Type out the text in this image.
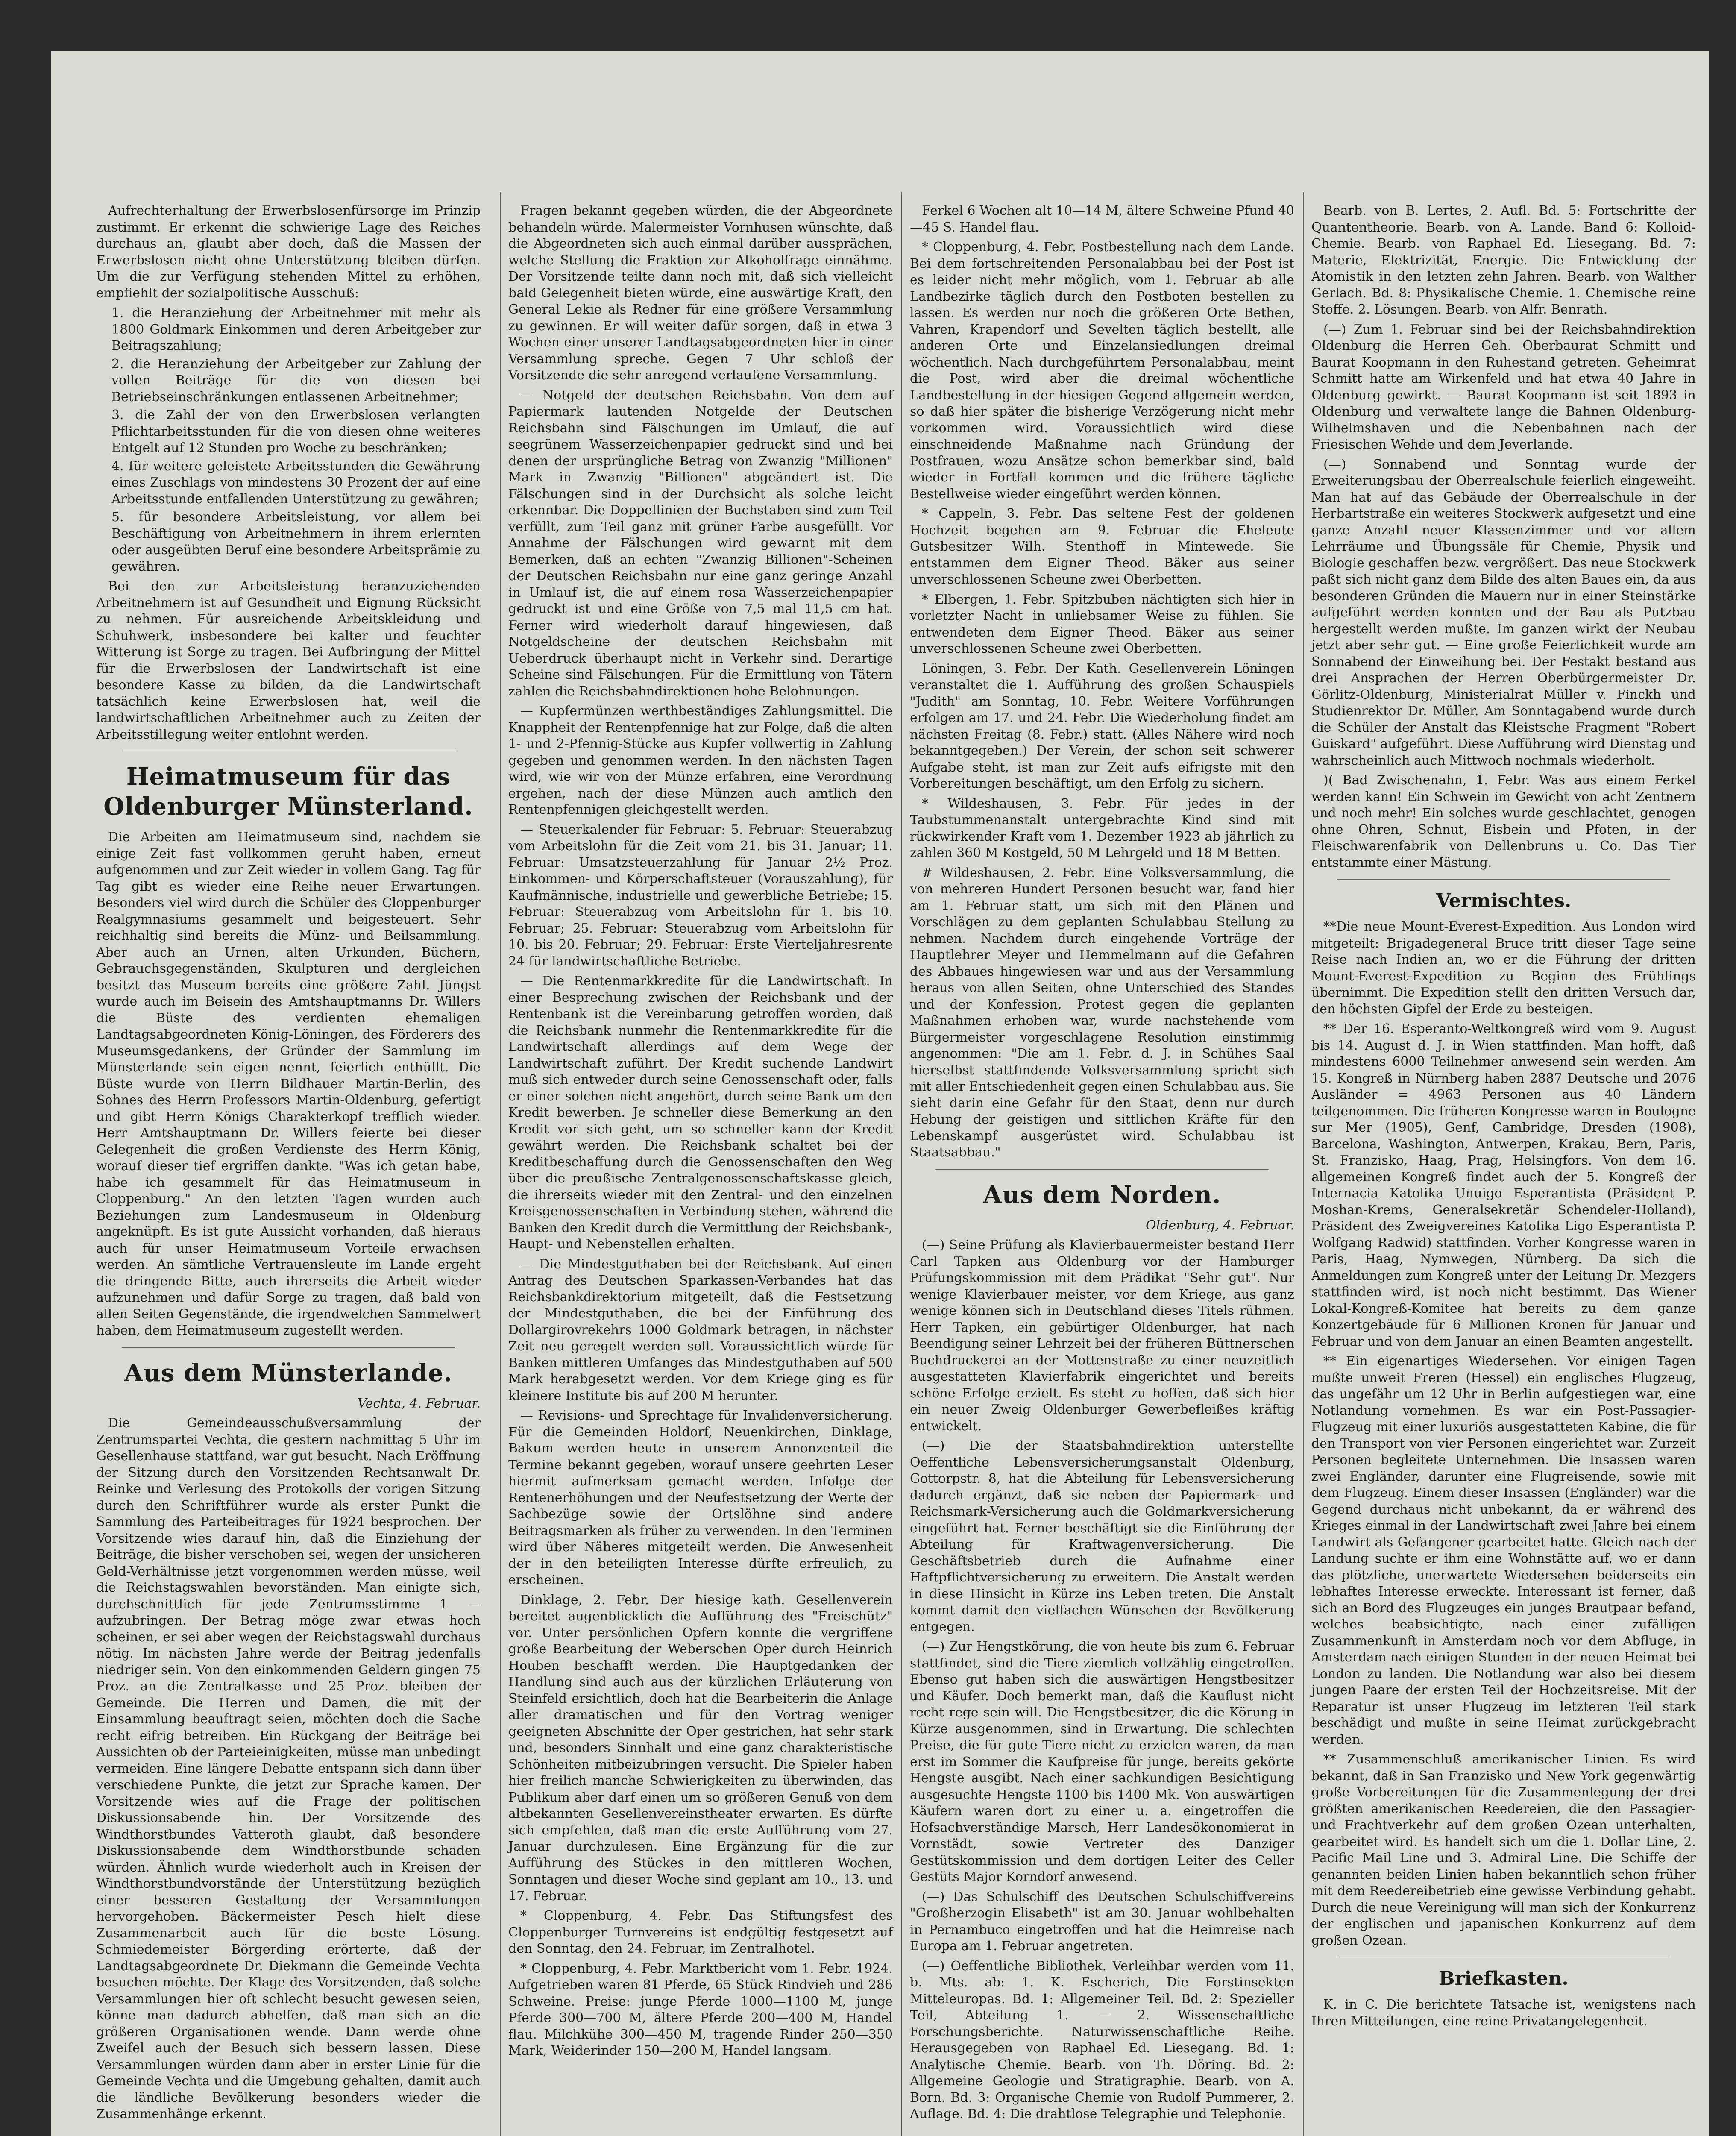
Aufrechterhaltung der Erwerbslosenfürsorge im Prinzip zustimmt. Er erkennt die schwierige Lage des Reiches durchaus an, glaubt aber doch, daß die Massen der Erwerbslosen nicht ohne Unterstützung bleiben dürfen. Um die zur Verfügung stehenden Mittel zu erhöhen, empfiehlt der sozialpolitische Ausschuß:

1. die Heranziehung der Arbeitnehmer mit mehr als 1800 Goldmark Einkommen und deren Arbeitgeber zur Beitragszahlung;
2. die Heranziehung der Arbeitgeber zur Zahlung der vollen Beiträge für die von diesen bei Betriebseinschränkungen entlassenen Arbeitnehmer;
3. die Zahl der von den Erwerbslosen verlangten Pflichtarbeitsstunden für die von diesen ohne weiteres Entgelt auf 12 Stunden pro Woche zu beschränken;
4. für weitere geleistete Arbeitsstunden die Gewährung eines Zuschlags von mindestens 30 Prozent der auf eine Arbeitsstunde entfallenden Unterstützung zu gewähren;
5. für besondere Arbeitsleistung, vor allem bei Beschäftigung von Arbeitnehmern in ihrem erlernten oder ausgeübten Beruf eine besondere Arbeitsprämie zu gewähren.

Bei den zur Arbeitsleistung heranzuziehenden Arbeitnehmern ist auf Gesundheit und Eignung Rücksicht zu nehmen. Für ausreichende Arbeitskleidung und Schuhwerk, insbesondere bei kalter und feuchter Witterung ist Sorge zu tragen. Bei Aufbringung der Mittel für die Erwerbslosen der Landwirtschaft ist eine besondere Kasse zu bilden, da die Landwirtschaft tatsächlich keine Erwerbslosen hat, weil die landwirtschaftlichen Arbeitnehmer auch zu Zeiten der Arbeitsstillegung weiter entlohnt werden.

Heimatmuseum für das Oldenburger Münsterland.

Die Arbeiten am Heimatmuseum sind, nachdem sie einige Zeit fast vollkommen geruht haben, erneut aufgenommen und zur Zeit wieder in vollem Gang. Tag für Tag gibt es wieder eine Reihe neuer Erwartungen. Besonders viel wird durch die Schüler des Cloppenburger Realgymnasiums gesammelt und beigesteuert. Sehr reichhaltig sind bereits die Münz- und Beilsammlung. Aber auch an Urnen, alten Urkunden, Büchern, Gebrauchsgegenständen, Skulpturen und dergleichen besitzt das Museum bereits eine größere Zahl. Jüngst wurde auch im Beisein des Amtshauptmanns Dr. Willers die Büste des verdienten ehemaligen Landtagsabgeordneten König-Löningen, des Förderers des Museumsgedankens, der Gründer der Sammlung im Münsterlande sein eigen nennt, feierlich enthüllt. Die Büste wurde von Herrn Bildhauer Martin-Berlin, des Sohnes des Herrn Professors Martin-Oldenburg, gefertigt und gibt Herrn Königs Charakterkopf trefflich wieder. Herr Amtshauptmann Dr. Willers feierte bei dieser Gelegenheit die großen Verdienste des Herrn König, worauf dieser tief ergriffen dankte. "Was ich getan habe, habe ich gesammelt für das Heimatmuseum in Cloppenburg." An den letzten Tagen wurden auch Beziehungen zum Landesmuseum in Oldenburg angeknüpft. Es ist gute Aussicht vorhanden, daß hieraus auch für unser Heimatmuseum Vorteile erwachsen werden. An sämtliche Vertrauensleute im Lande ergeht die dringende Bitte, auch ihrerseits die Arbeit wieder aufzunehmen und dafür Sorge zu tragen, daß bald von allen Seiten Gegenstände, die irgendwelchen Sammelwert haben, dem Heimatmuseum zugestellt werden.

Aus dem Münsterlande.
Vechta, 4. Februar.

Die Gemeindeausschußversammlung der Zentrumspartei Vechta, die gestern nachmittag 5 Uhr im Gesellenhause stattfand, war gut besucht. Nach Eröffnung der Sitzung durch den Vorsitzenden Rechtsanwalt Dr. Reinke und Verlesung des Protokolls der vorigen Sitzung durch den Schriftführer wurde als erster Punkt die Sammlung des Parteibeitrages für 1924 besprochen. Der Vorsitzende wies darauf hin, daß die Einziehung der Beiträge, die bisher verschoben sei, wegen der unsicheren Geld-Verhältnisse jetzt vorgenommen werden müsse, weil die Reichstagswahlen bevorständen. Man einigte sich, durchschnittlich für jede Zentrumsstimme 1 — aufzubringen. Der Betrag möge zwar etwas hoch scheinen, er sei aber wegen der Reichstagswahl durchaus nötig. Im nächsten Jahre werde der Beitrag jedenfalls niedriger sein. Von den einkommenden Geldern gingen 75 Proz. an die Zentralkasse und 25 Proz. bleiben der Gemeinde. Die Herren und Damen, die mit der Einsammlung beauftragt seien, möchten doch die Sache recht eifrig betreiben. Ein Rückgang der Beiträge bei Aussichten ob der Parteieinigkeiten, müsse man unbedingt vermeiden. Eine längere Debatte entspann sich dann über verschiedene Punkte, die jetzt zur Sprache kamen. Der Vorsitzende wies auf die Frage der politischen Diskussionsabende hin. Der Vorsitzende des Windthorstbundes Vatteroth glaubt, daß besondere Diskussionsabende dem Windthorstbunde schaden würden. Ähnlich wurde wiederholt auch in Kreisen der Windthorstbundvorstände der Unterstützung bezüglich einer besseren Gestaltung der Versammlungen hervorgehoben. Bäckermeister Pesch hielt diese Zusammenarbeit auch für die beste Lösung. Schmiedemeister Börgerding erörterte, daß der Landtagsabgeordnete Dr. Diekmann die Gemeinde Vechta besuchen möchte. Der Klage des Vorsitzenden, daß solche Versammlungen hier oft schlecht besucht gewesen seien, könne man dadurch abhelfen, daß man sich an die größeren Organisationen wende. Dann werde ohne Zweifel auch der Besuch sich bessern lassen. Diese Versammlungen würden dann aber in erster Linie für die Gemeinde Vechta und die Umgebung gehalten, damit auch die ländliche Bevölkerung besonders wieder die Zusammenhänge erkennt.

Fragen bekannt gegeben würden, die der Abgeordnete behandeln würde. Malermeister Vornhusen wünschte, daß die Abgeordneten sich auch einmal darüber aussprächen, welche Stellung die Fraktion zur Alkoholfrage einnähme. Der Vorsitzende teilte dann noch mit, daß sich vielleicht bald Gelegenheit bieten würde, eine auswärtige Kraft, den General Lekie als Redner für eine größere Versammlung zu gewinnen. Er will weiter dafür sorgen, daß in etwa 3 Wochen einer unserer Landtagsabgeordneten hier in einer Versammlung spreche. Gegen 7 Uhr schloß der Vorsitzende die sehr anregend verlaufene Versammlung.

— Notgeld der deutschen Reichsbahn. Von dem auf Papiermark lautenden Notgelde der Deutschen Reichsbahn sind Fälschungen im Umlauf, die auf seegrünem Wasserzeichenpapier gedruckt sind und bei denen der ursprüngliche Betrag von Zwanzig "Millionen" Mark in Zwanzig "Billionen" abgeändert ist. Die Fälschungen sind in der Durchsicht als solche leicht erkennbar. Die Doppellinien der Buchstaben sind zum Teil verfüllt, zum Teil ganz mit grüner Farbe ausgefüllt. Vor Annahme der Fälschungen wird gewarnt mit dem Bemerken, daß an echten "Zwanzig Billionen"-Scheinen der Deutschen Reichsbahn nur eine ganz geringe Anzahl in Umlauf ist, die auf einem rosa Wasserzeichenpapier gedruckt ist und eine Größe von 7,5 mal 11,5 cm hat. Ferner wird wiederholt darauf hingewiesen, daß Notgeldscheine der deutschen Reichsbahn mit Ueberdruck überhaupt nicht in Verkehr sind. Derartige Scheine sind Fälschungen. Für die Ermittlung von Tätern zahlen die Reichsbahndirektionen hohe Belohnungen.

— Kupfermünzen werthbeständiges Zahlungsmittel. Die Knappheit der Rentenpfennige hat zur Folge, daß die alten 1- und 2-Pfennig-Stücke aus Kupfer vollwertig in Zahlung gegeben und genommen werden. In den nächsten Tagen wird, wie wir von der Münze erfahren, eine Verordnung ergehen, nach der diese Münzen auch amtlich den Rentenpfennigen gleichgestellt werden.

— Steuerkalender für Februar: 5. Februar: Steuerabzug vom Arbeitslohn für die Zeit vom 21. bis 31. Januar; 11. Februar: Umsatzsteuerzahlung für Januar 2½ Proz. Einkommen- und Körperschaftsteuer (Vorauszahlung), für Kaufmännische, industrielle und gewerbliche Betriebe; 15. Februar: Steuerabzug vom Arbeitslohn für 1. bis 10. Februar; 25. Februar: Steuerabzug vom Arbeitslohn für 10. bis 20. Februar; 29. Februar: Erste Vierteljahresrente 24 für landwirtschaftliche Betriebe.

— Die Rentenmarkkredite für die Landwirtschaft. In einer Besprechung zwischen der Reichsbank und der Rentenbank ist die Vereinbarung getroffen worden, daß die Reichsbank nunmehr die Rentenmarkkredite für die Landwirtschaft allerdings auf dem Wege der Landwirtschaft zuführt. Der Kredit suchende Landwirt muß sich entweder durch seine Genossenschaft oder, falls er einer solchen nicht angehört, durch seine Bank um den Kredit bewerben. Je schneller diese Bemerkung an den Kredit vor sich geht, um so schneller kann der Kredit gewährt werden. Die Reichsbank schaltet bei der Kreditbeschaffung durch die Genossenschaften den Weg über die preußische Zentralgenossenschaftskasse gleich, die ihrerseits wieder mit den Zentral- und den einzelnen Kreisgenossenschaften in Verbindung stehen, während die Banken den Kredit durch die Vermittlung der Reichsbank-, Haupt- und Nebenstellen erhalten.

— Die Mindestguthaben bei der Reichsbank. Auf einen Antrag des Deutschen Sparkassen-Verbandes hat das Reichsbankdirektorium mitgeteilt, daß die Festsetzung der Mindestguthaben, die bei der Einführung des Dollargirovrekehrs 1000 Goldmark betragen, in nächster Zeit neu geregelt werden soll. Voraussichtlich würde für Banken mittleren Umfanges das Mindestguthaben auf 500 Mark herabgesetzt werden. Vor dem Kriege ging es für kleinere Institute bis auf 200 M herunter.

— Revisions- und Sprechtage für Invalidenversicherung. Für die Gemeinden Holdorf, Neuenkirchen, Dinklage, Bakum werden heute in unserem Annonzenteil die Termine bekannt gegeben, worauf unsere geehrten Leser hiermit aufmerksam gemacht werden. Infolge der Rentenerhöhungen und der Neufestsetzung der Werte der Sachbezüge sowie der Ortslöhne sind andere Beitragsmarken als früher zu verwenden. In den Terminen wird über Näheres mitgeteilt werden. Die Anwesenheit der in den beteiligten Interesse dürfte erfreulich, zu erscheinen.

Dinklage, 2. Febr. Der hiesige kath. Gesellenverein bereitet augenblicklich die Aufführung des "Freischütz" vor. Unter persönlichen Opfern konnte die vergriffene große Bearbeitung der Weberschen Oper durch Heinrich Houben beschafft werden. Die Hauptgedanken der Handlung sind auch aus der kürzlichen Erläuterung von Steinfeld ersichtlich, doch hat die Bearbeiterin die Anlage aller dramatischen und für den Vortrag weniger geeigneten Abschnitte der Oper gestrichen, hat sehr stark und, besonders Sinnhalt und eine ganz charakteristische Schönheiten mitbeizubringen versucht. Die Spieler haben hier freilich manche Schwierigkeiten zu überwinden, das Publikum aber darf einen um so größeren Genuß von dem altbekannten Gesellenvereinstheater erwarten. Es dürfte sich empfehlen, daß man die erste Aufführung vom 27. Januar durchzulesen. Eine Ergänzung für die zur Aufführung des Stückes in den mittleren Wochen, Sonntagen und dieser Woche sind geplant am 10., 13. und 17. Februar.

* Cloppenburg, 4. Febr. Das Stiftungsfest des Cloppenburger Turnvereins ist endgültig festgesetzt auf den Sonntag, den 24. Februar, im Zentralhotel.

* Cloppenburg, 4. Febr. Marktbericht vom 1. Febr. 1924. Aufgetrieben waren 81 Pferde, 65 Stück Rindvieh und 286 Schweine. Preise: junge Pferde 1000—1100 M, junge Pferde 300—700 M, ältere Pferde 200—400 M, Handel flau. Milchkühe 300—450 M, tragende Rinder 250—350 Mark, Weiderinder 150—200 M, Handel langsam.

Ferkel 6 Wochen alt 10—14 M, ältere Schweine Pfund 40—45 S. Handel flau.

* Cloppenburg, 4. Febr. Postbestellung nach dem Lande. Bei dem fortschreitenden Personalabbau bei der Post ist es leider nicht mehr möglich, vom 1. Februar ab alle Landbezirke täglich durch den Postboten bestellen zu lassen. Es werden nur noch die größeren Orte Bethen, Vahren, Krapendorf und Sevelten täglich bestellt, alle anderen Orte und Einzelansiedlungen dreimal wöchentlich. Nach durchgeführtem Personalabbau, meint die Post, wird aber die dreimal wöchentliche Landbestellung in der hiesigen Gegend allgemein werden, so daß hier später die bisherige Verzögerung nicht mehr vorkommen wird. Voraussichtlich wird diese einschneidende Maßnahme nach Gründung der Postfrauen, wozu Ansätze schon bemerkbar sind, bald wieder in Fortfall kommen und die frühere tägliche Bestellweise wieder eingeführt werden können.

* Cappeln, 3. Febr. Das seltene Fest der goldenen Hochzeit begehen am 9. Februar die Eheleute Gutsbesitzer Wilh. Stenthoff in Mintewede. Sie entstammen dem Eigner Theod. Bäker aus seiner unverschlossenen Scheune zwei Oberbetten.

* Elbergen, 1. Febr. Spitzbuben nächtigten sich hier in vorletzter Nacht in unliebsamer Weise zu fühlen. Sie entwendeten dem Eigner Theod. Bäker aus seiner unverschlossenen Scheune zwei Oberbetten.

Löningen, 3. Febr. Der Kath. Gesellenverein Löningen veranstaltet die 1. Aufführung des großen Schauspiels "Judith" am Sonntag, 10. Febr. Weitere Vorführungen erfolgen am 17. und 24. Febr. Die Wiederholung findet am nächsten Freitag (8. Febr.) statt. (Alles Nähere wird noch bekanntgegeben.) Der Verein, der schon seit schwerer Aufgabe steht, ist man zur Zeit aufs eifrigste mit den Vorbereitungen beschäftigt, um den Erfolg zu sichern.

* Wildeshausen, 3. Febr. Für jedes in der Taubstummenanstalt untergebrachte Kind sind mit rückwirkender Kraft vom 1. Dezember 1923 ab jährlich zu zahlen 360 M Kostgeld, 50 M Lehrgeld und 18 M Betten.

# Wildeshausen, 2. Febr. Eine Volksversammlung, die von mehreren Hundert Personen besucht war, fand hier am 1. Februar statt, um sich mit den Plänen und Vorschlägen zu dem geplanten Schulabbau Stellung zu nehmen. Nachdem durch eingehende Vorträge der Hauptlehrer Meyer und Hemmelmann auf die Gefahren des Abbaues hingewiesen war und aus der Versammlung heraus von allen Seiten, ohne Unterschied des Standes und der Konfession, Protest gegen die geplanten Maßnahmen erhoben war, wurde nachstehende vom Bürgermeister vorgeschlagene Resolution einstimmig angenommen: "Die am 1. Febr. d. J. in Schühes Saal hierselbst stattfindende Volksversammlung spricht sich mit aller Entschiedenheit gegen einen Schulabbau aus. Sie sieht darin eine Gefahr für den Staat, denn nur durch Hebung der geistigen und sittlichen Kräfte für den Lebenskampf ausgerüstet wird. Schulabbau ist Staatsabbau."

Aus dem Norden.
Oldenburg, 4. Februar.

(—) Seine Prüfung als Klavierbauermeister bestand Herr Carl Tapken aus Oldenburg vor der Hamburger Prüfungskommission mit dem Prädikat "Sehr gut". Nur wenige Klavierbauer meister, vor dem Kriege, aus ganz wenige können sich in Deutschland dieses Titels rühmen. Herr Tapken, ein gebürtiger Oldenburger, hat nach Beendigung seiner Lehrzeit bei der früheren Büttnerschen Buchdruckerei an der Mottenstraße zu einer neuzeitlich ausgestatteten Klavierfabrik eingerichtet und bereits schöne Erfolge erzielt. Es steht zu hoffen, daß sich hier ein neuer Zweig Oldenburger Gewerbefleißes kräftig entwickelt.

(—) Die der Staatsbahndirektion unterstellte Oeffentliche Lebensversicherungsanstalt Oldenburg, Gottorpstr. 8, hat die Abteilung für Lebensversicherung dadurch ergänzt, daß sie neben der Papiermark- und Reichsmark-Versicherung auch die Goldmarkversicherung eingeführt hat. Ferner beschäftigt sie die Einführung der Abteilung für Kraftwagenversicherung. Die Geschäftsbetrieb durch die Aufnahme einer Haftpflichtversicherung zu erweitern. Die Anstalt werden in diese Hinsicht in Kürze ins Leben treten. Die Anstalt kommt damit den vielfachen Wünschen der Bevölkerung entgegen.

(—) Zur Hengstkörung, die von heute bis zum 6. Februar stattfindet, sind die Tiere ziemlich vollzählig eingetroffen. Ebenso gut haben sich die auswärtigen Hengstbesitzer und Käufer. Doch bemerkt man, daß die Kauflust nicht recht rege sein will. Die Hengstbesitzer, die die Körung in Kürze ausgenommen, sind in Erwartung. Die schlechten Preise, die für gute Tiere nicht zu erzielen waren, da man erst im Sommer die Kaufpreise für junge, bereits gekörte Hengste ausgibt. Nach einer sachkundigen Besichtigung ausgesuchte Hengste 1100 bis 1400 Mk. Von auswärtigen Käufern waren dort zu einer u. a. eingetroffen die Hofsachverständige Marsch, Herr Landesökonomierat in Vornstädt, sowie Vertreter des Danziger Gestütskommission und dem dortigen Leiter des Celler Gestüts Major Korndorf anwesend.

(—) Das Schulschiff des Deutschen Schulschiffvereins "Großherzogin Elisabeth" ist am 30. Januar wohlbehalten in Pernambuco eingetroffen und hat die Heimreise nach Europa am 1. Februar angetreten.

(—) Oeffentliche Bibliothek. Verleihbar werden vom 11. b. Mts. ab: 1. K. Escherich, Die Forstinsekten Mitteleuropas. Bd. 1: Allgemeiner Teil. Bd. 2: Spezieller Teil, Abteilung 1. — 2. Wissenschaftliche Forschungsberichte. Naturwissenschaftliche Reihe. Herausgegeben von Raphael Ed. Liesegang. Bd. 1: Analytische Chemie. Bearb. von Th. Döring. Bd. 2: Allgemeine Geologie und Stratigraphie. Bearb. von A. Born. Bd. 3: Organische Chemie von Rudolf Pummerer, 2. Auflage. Bd. 4: Die drahtlose Telegraphie und Telephonie.

Bearb. von B. Lertes, 2. Aufl. Bd. 5: Fortschritte der Quantentheorie. Bearb. von A. Lande. Band 6: Kolloid-Chemie. Bearb. von Raphael Ed. Liesegang. Bd. 7: Materie, Elektrizität, Energie. Die Entwicklung der Atomistik in den letzten zehn Jahren. Bearb. von Walther Gerlach. Bd. 8: Physikalische Chemie. 1. Chemische reine Stoffe. 2. Lösungen. Bearb. von Alfr. Benrath.

(—) Zum 1. Februar sind bei der Reichsbahndirektion Oldenburg die Herren Geh. Oberbaurat Schmitt und Baurat Koopmann in den Ruhestand getreten. Geheimrat Schmitt hatte am Wirkenfeld und hat etwa 40 Jahre in Oldenburg gewirkt. — Baurat Koopmann ist seit 1893 in Oldenburg und verwaltete lange die Bahnen Oldenburg-Wilhelmshaven und die Nebenbahnen nach der Friesischen Wehde und dem Jeverlande.

(—) Sonnabend und Sonntag wurde der Erweiterungsbau der Oberrealschule feierlich eingeweiht. Man hat auf das Gebäude der Oberrealschule in der Herbartstraße ein weiteres Stockwerk aufgesetzt und eine ganze Anzahl neuer Klassenzimmer und vor allem Lehrräume und Übungssäle für Chemie, Physik und Biologie geschaffen bezw. vergrößert. Das neue Stockwerk paßt sich nicht ganz dem Bilde des alten Baues ein, da aus besonderen Gründen die Mauern nur in einer Steinstärke aufgeführt werden konnten und der Bau als Putzbau hergestellt werden mußte. Im ganzen wirkt der Neubau jetzt aber sehr gut. — Eine große Feierlichkeit wurde am Sonnabend der Einweihung bei. Der Festakt bestand aus drei Ansprachen der Herren Oberbürgermeister Dr. Görlitz-Oldenburg, Ministerialrat Müller v. Finckh und Studienrektor Dr. Müller. Am Sonntagabend wurde durch die Schüler der Anstalt das Kleistsche Fragment "Robert Guiskard" aufgeführt. Diese Aufführung wird Dienstag und wahrscheinlich auch Mittwoch nochmals wiederholt.

)( Bad Zwischenahn, 1. Febr. Was aus einem Ferkel werden kann! Ein Schwein im Gewicht von acht Zentnern und noch mehr! Ein solches wurde geschlachtet, genogen ohne Ohren, Schnut, Eisbein und Pfoten, in der Fleischwarenfabrik von Dellenbruns u. Co. Das Tier entstammte einer Mästung.

Vermischtes.

**Die neue Mount-Everest-Expedition. Aus London wird mitgeteilt: Brigadegeneral Bruce tritt dieser Tage seine Reise nach Indien an, wo er die Führung der dritten Mount-Everest-Expedition zu Beginn des Frühlings übernimmt. Die Expedition stellt den dritten Versuch dar, den höchsten Gipfel der Erde zu besteigen.

** Der 16. Esperanto-Weltkongreß wird vom 9. August bis 14. August d. J. in Wien stattfinden. Man hofft, daß mindestens 6000 Teilnehmer anwesend sein werden. Am 15. Kongreß in Nürnberg haben 2887 Deutsche und 2076 Ausländer = 4963 Personen aus 40 Ländern teilgenommen. Die früheren Kongresse waren in Boulogne sur Mer (1905), Genf, Cambridge, Dresden (1908), Barcelona, Washington, Antwerpen, Krakau, Bern, Paris, St. Franzisko, Haag, Prag, Helsingfors. Von dem 16. allgemeinen Kongreß findet auch der 5. Kongreß der Internacia Katolika Unuigo Esperantista (Präsident P. Moshan-Krems, Generalsekretär Schendeler-Holland), Präsident des Zweigvereines Katolika Ligo Esperantista P. Wolfgang Radwid) stattfinden. Vorher Kongresse waren in Paris, Haag, Nymwegen, Nürnberg. Da sich die Anmeldungen zum Kongreß unter der Leitung Dr. Mezgers stattfinden wird, ist noch nicht bestimmt. Das Wiener Lokal-Kongreß-Komitee hat bereits zu dem ganze Konzertgebäude für 6 Millionen Kronen für Januar und Februar und von dem Januar an einen Beamten angestellt.

** Ein eigenartiges Wiedersehen. Vor einigen Tagen mußte unweit Freren (Hessel) ein englisches Flugzeug, das ungefähr um 12 Uhr in Berlin aufgestiegen war, eine Notlandung vornehmen. Es war ein Post-Passagier-Flugzeug mit einer luxuriös ausgestatteten Kabine, die für den Transport von vier Personen eingerichtet war. Zurzeit Personen begleitete Unternehmen. Die Insassen waren zwei Engländer, darunter eine Flugreisende, sowie mit dem Flugzeug. Einem dieser Insassen (Engländer) war die Gegend durchaus nicht unbekannt, da er während des Krieges einmal in der Landwirtschaft zwei Jahre bei einem Landwirt als Gefangener gearbeitet hatte. Gleich nach der Landung suchte er ihm eine Wohnstätte auf, wo er dann das plötzliche, unerwartete Wiedersehen beiderseits ein lebhaftes Interesse erweckte. Interessant ist ferner, daß sich an Bord des Flugzeuges ein junges Brautpaar befand, welches beabsichtigte, nach einer zufälligen Zusammenkunft in Amsterdam noch vor dem Abfluge, in Amsterdam nach einigen Stunden in der neuen Heimat bei London zu landen. Die Notlandung war also bei diesem jungen Paare der ersten Teil der Hochzeitsreise. Mit der Reparatur ist unser Flugzeug im letzteren Teil stark beschädigt und mußte in seine Heimat zurückgebracht werden.

** Zusammenschluß amerikanischer Linien. Es wird bekannt, daß in San Franzisko und New York gegenwärtig große Vorbereitungen für die Zusammenlegung der drei größten amerikanischen Reedereien, die den Passagier- und Frachtverkehr auf dem großen Ozean unterhalten, gearbeitet wird. Es handelt sich um die 1. Dollar Line, 2. Pacific Mail Line und 3. Admiral Line. Die Schiffe der genannten beiden Linien haben bekanntlich schon früher mit dem Reedereibetrieb eine gewisse Verbindung gehabt. Durch die neue Vereinigung will man sich der Konkurrenz der englischen und japanischen Konkurrenz auf dem großen Ozean.

Briefkasten.

K. in C. Die berichtete Tatsache ist, wenigstens nach Ihren Mitteilungen, eine reine Privatangelegenheit.
